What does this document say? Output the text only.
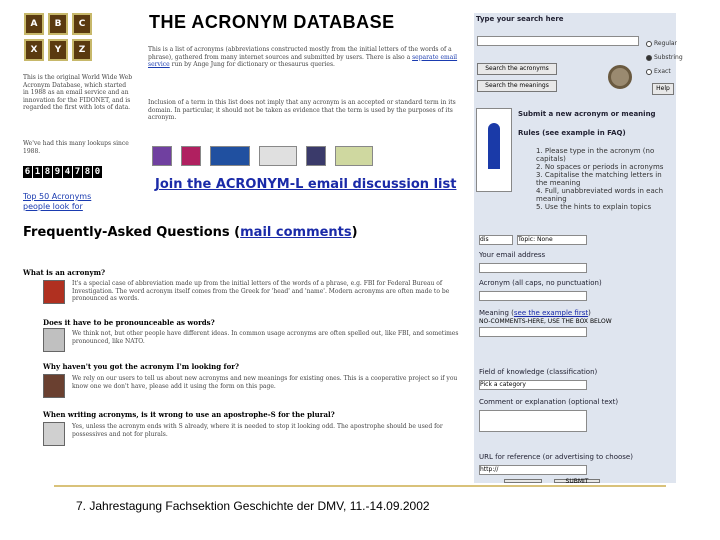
A	B	C
X	Y	Z
THE ACRONYM DATABASE
This is the original World Wide Web Acronym Database, which started in 1988 as an email service and an innovation for the FIDONET, and is regarded the first with lots of data.
We've had this many lookups since 1988.
6 1 8 9 4 7 8 0
Top 50 Acronyms people look for
This is a list of acronyms (abbreviations constructed mostly from the initial letters of the words of a phrase), gathered from many internet sources and submitted by users. There is also a separate email service run by Ange Jung for dictionary or thesaurus queries.
Inclusion of a term in this list does not imply that any acronym is an accepted or standard term in its domain. In particular, it should not be taken as evidence that the term is used by the purposes of its acronym.
Join the ACRONYM-L email discussion list
Frequently-Asked Questions (mail comments)
What is an acronym?
It's a special case of abbreviation made up from the initial letters of the words of a phrase, e.g. FBI for Federal Bureau of Investigation. The word acronym itself comes from the Greek for 'head' and 'name'. Modern acronyms are often made to be pronounced as words.
Does it have to be pronounceable as words?
We think not, but other people have different ideas. In common usage acronyms are often spelled out, like FBI, and sometimes pronounced, like NATO.
Why haven't you got the acronym I'm looking for?
We rely on our users to tell us about new acronyms and new meanings for existing ones. This is a cooperative project so if you know one we don't have, please add it using the form on this page.
When writing acronyms, is it wrong to use an apostrophe-S for the plural?
Yes, unless the acronym ends with S already, where it is needed to stop it looking odd. The apostrophe should be used for possessives and not for plurals.
Type your search here
Search the acronyms
Search the meanings
Regular
Substring
Exact
Help
Submit a new acronym or meaning
Rules (see example in FAQ)
1. Please type in the acronym (no capitals)
2. No spaces or periods in acronyms
3. Capitalise the matching letters in the meaning
4. Full, unabbreviated words in each meaning
5. Use the hints to explain topics
dis	Topic: None
Your email address
Acronym (all caps, no punctuation)
Meaning (see the example first)
NO-COMMENTS-HERE, USE THE BOX BELOW
Field of knowledge (classification)
Pick a category
Comment or explanation (optional text)
URL for reference (or advertising to choose)
http://
SUBMIT
7. Jahrestagung Fachsektion Geschichte der DMV, 11.-14.09.2002
